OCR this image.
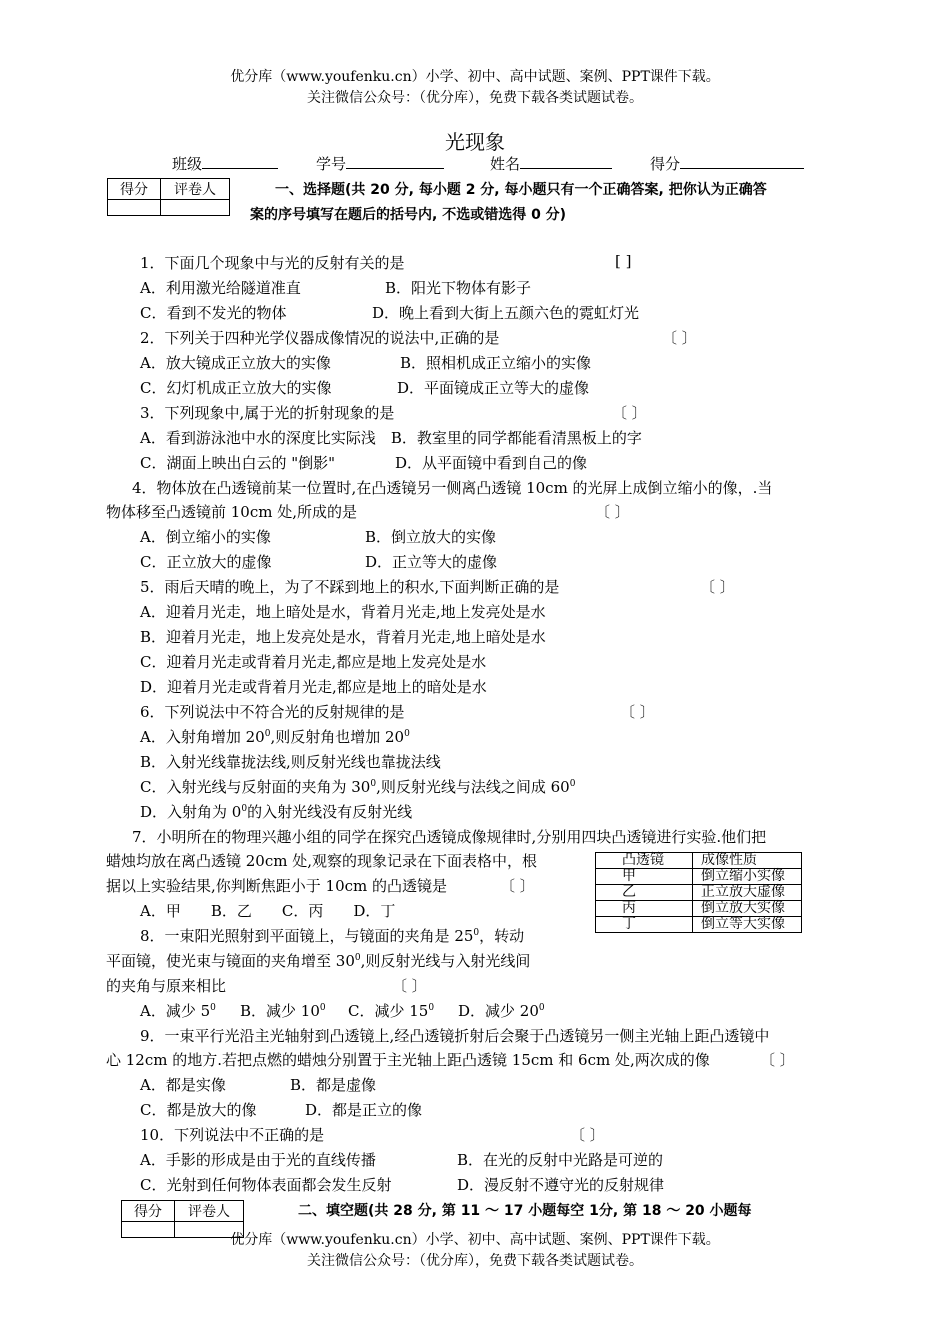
优分库（www.youfenku.cn）小学、初中、高中试题、案例、PPT课件下载。
关注微信公众号：（优分库），免费下载各类试题试卷。
光现象
班级	学号	姓名	得分
得分	评卷人
		一、选择题(共 20 分, 每小题 2 分, 每小题只有一个正确答案, 把你认为正确答
案的序号填写在题后的括号内, 不选或错选得 0 分)
1．下面几个现象中与光的反射有关的是	[ ]
A．利用激光给隧道准直	B．阳光下物体有影子
C．看到不发光的物体	D．晚上看到大街上五颜六色的霓虹灯光
2．下列关于四种光学仪器成像情况的说法中,正确的是	〔 〕
A．放大镜成正立放大的实像	B．照相机成正立缩小的实像
C．幻灯机成正立放大的实像	D．平面镜成正立等大的虚像
3．下列现象中,属于光的折射现象的是	〔 〕
A．看到游泳池中水的深度比实际浅　B．教室里的同学都能看清黑板上的字
C．湖面上映出白云的 "倒影"	D．从平面镜中看到自己的像
4．物体放在凸透镜前某一位置时,在凸透镜另一侧离凸透镜 10cm 的光屏上成倒立缩小的像，.当
物体移至凸透镜前 10cm 处,所成的是	〔 〕
A．倒立缩小的实像	B．倒立放大的实像
C．正立放大的虚像	D．正立等大的虚像
5．雨后天晴的晚上，为了不踩到地上的积水,下面判断正确的是	〔 〕
A．迎着月光走，地上暗处是水，背着月光走,地上发亮处是水
B．迎着月光走，地上发亮处是水，背着月光走,地上暗处是水
C．迎着月光走或背着月光走,都应是地上发亮处是水
D．迎着月光走或背着月光走,都应是地上的暗处是水
6．下列说法中不符合光的反射规律的是	〔 〕
A．入射角增加 $20^0$,则反射角也增加 $20^0$
B．入射光线靠拢法线,则反射光线也靠拢法线
C．入射光线与反射面的夹角为 $30^0$,则反射光线与法线之间成 $60^0$
D．入射角为 $0^0$的入射光线没有反射光线
7．小明所在的物理兴趣小组的同学在探究凸透镜成像规律时,分别用四块凸透镜进行实验.他们把
蜡烛均放在离凸透镜 20cm 处,观察的现象记录在下面表格中，根
据以上实验结果,你判断焦距小于 10cm 的凸透镜是	〔 〕
A．甲　　B．乙　　C．丙　　D．丁
凸透镜	成像性质
甲	倒立缩小实像
乙	正立放大虚像
丙	倒立放大实像
丁	倒立等大实像
8．一束阳光照射到平面镜上，与镜面的夹角是 $25^0$，转动
平面镜，使光束与镜面的夹角增至 $30^0$,则反射光线与入射光线间
的夹角与原来相比	〔 〕
A．减少 $5^0$ B．减少 $10^0$ C．减少 $15^0$ D．减少 $20^0$
9．一束平行光沿主光轴射到凸透镜上,经凸透镜折射后会聚于凸透镜另一侧主光轴上距凸透镜中
心 12cm 的地方.若把点燃的蜡烛分别置于主光轴上距凸透镜 15cm 和 6cm 处,两次成的像	〔 〕
A．都是实像	B．都是虚像
C．都是放大的像	D．都是正立的像
10．下列说法中不正确的是	〔 〕
A．手影的形成是由于光的直线传播	B．在光的反射中光路是可逆的
C．光射到任何物体表面都会发生反射	D．漫反射不遵守光的反射规律
得分	评卷人
		二、填空题(共 28 分, 第 11 ～ 17 小题每空 1分, 第 18 ～ 20 小题每
优分库（www.youfenku.cn）小学、初中、高中试题、案例、PPT课件下载。
关注微信公众号：（优分库），免费下载各类试题试卷。
